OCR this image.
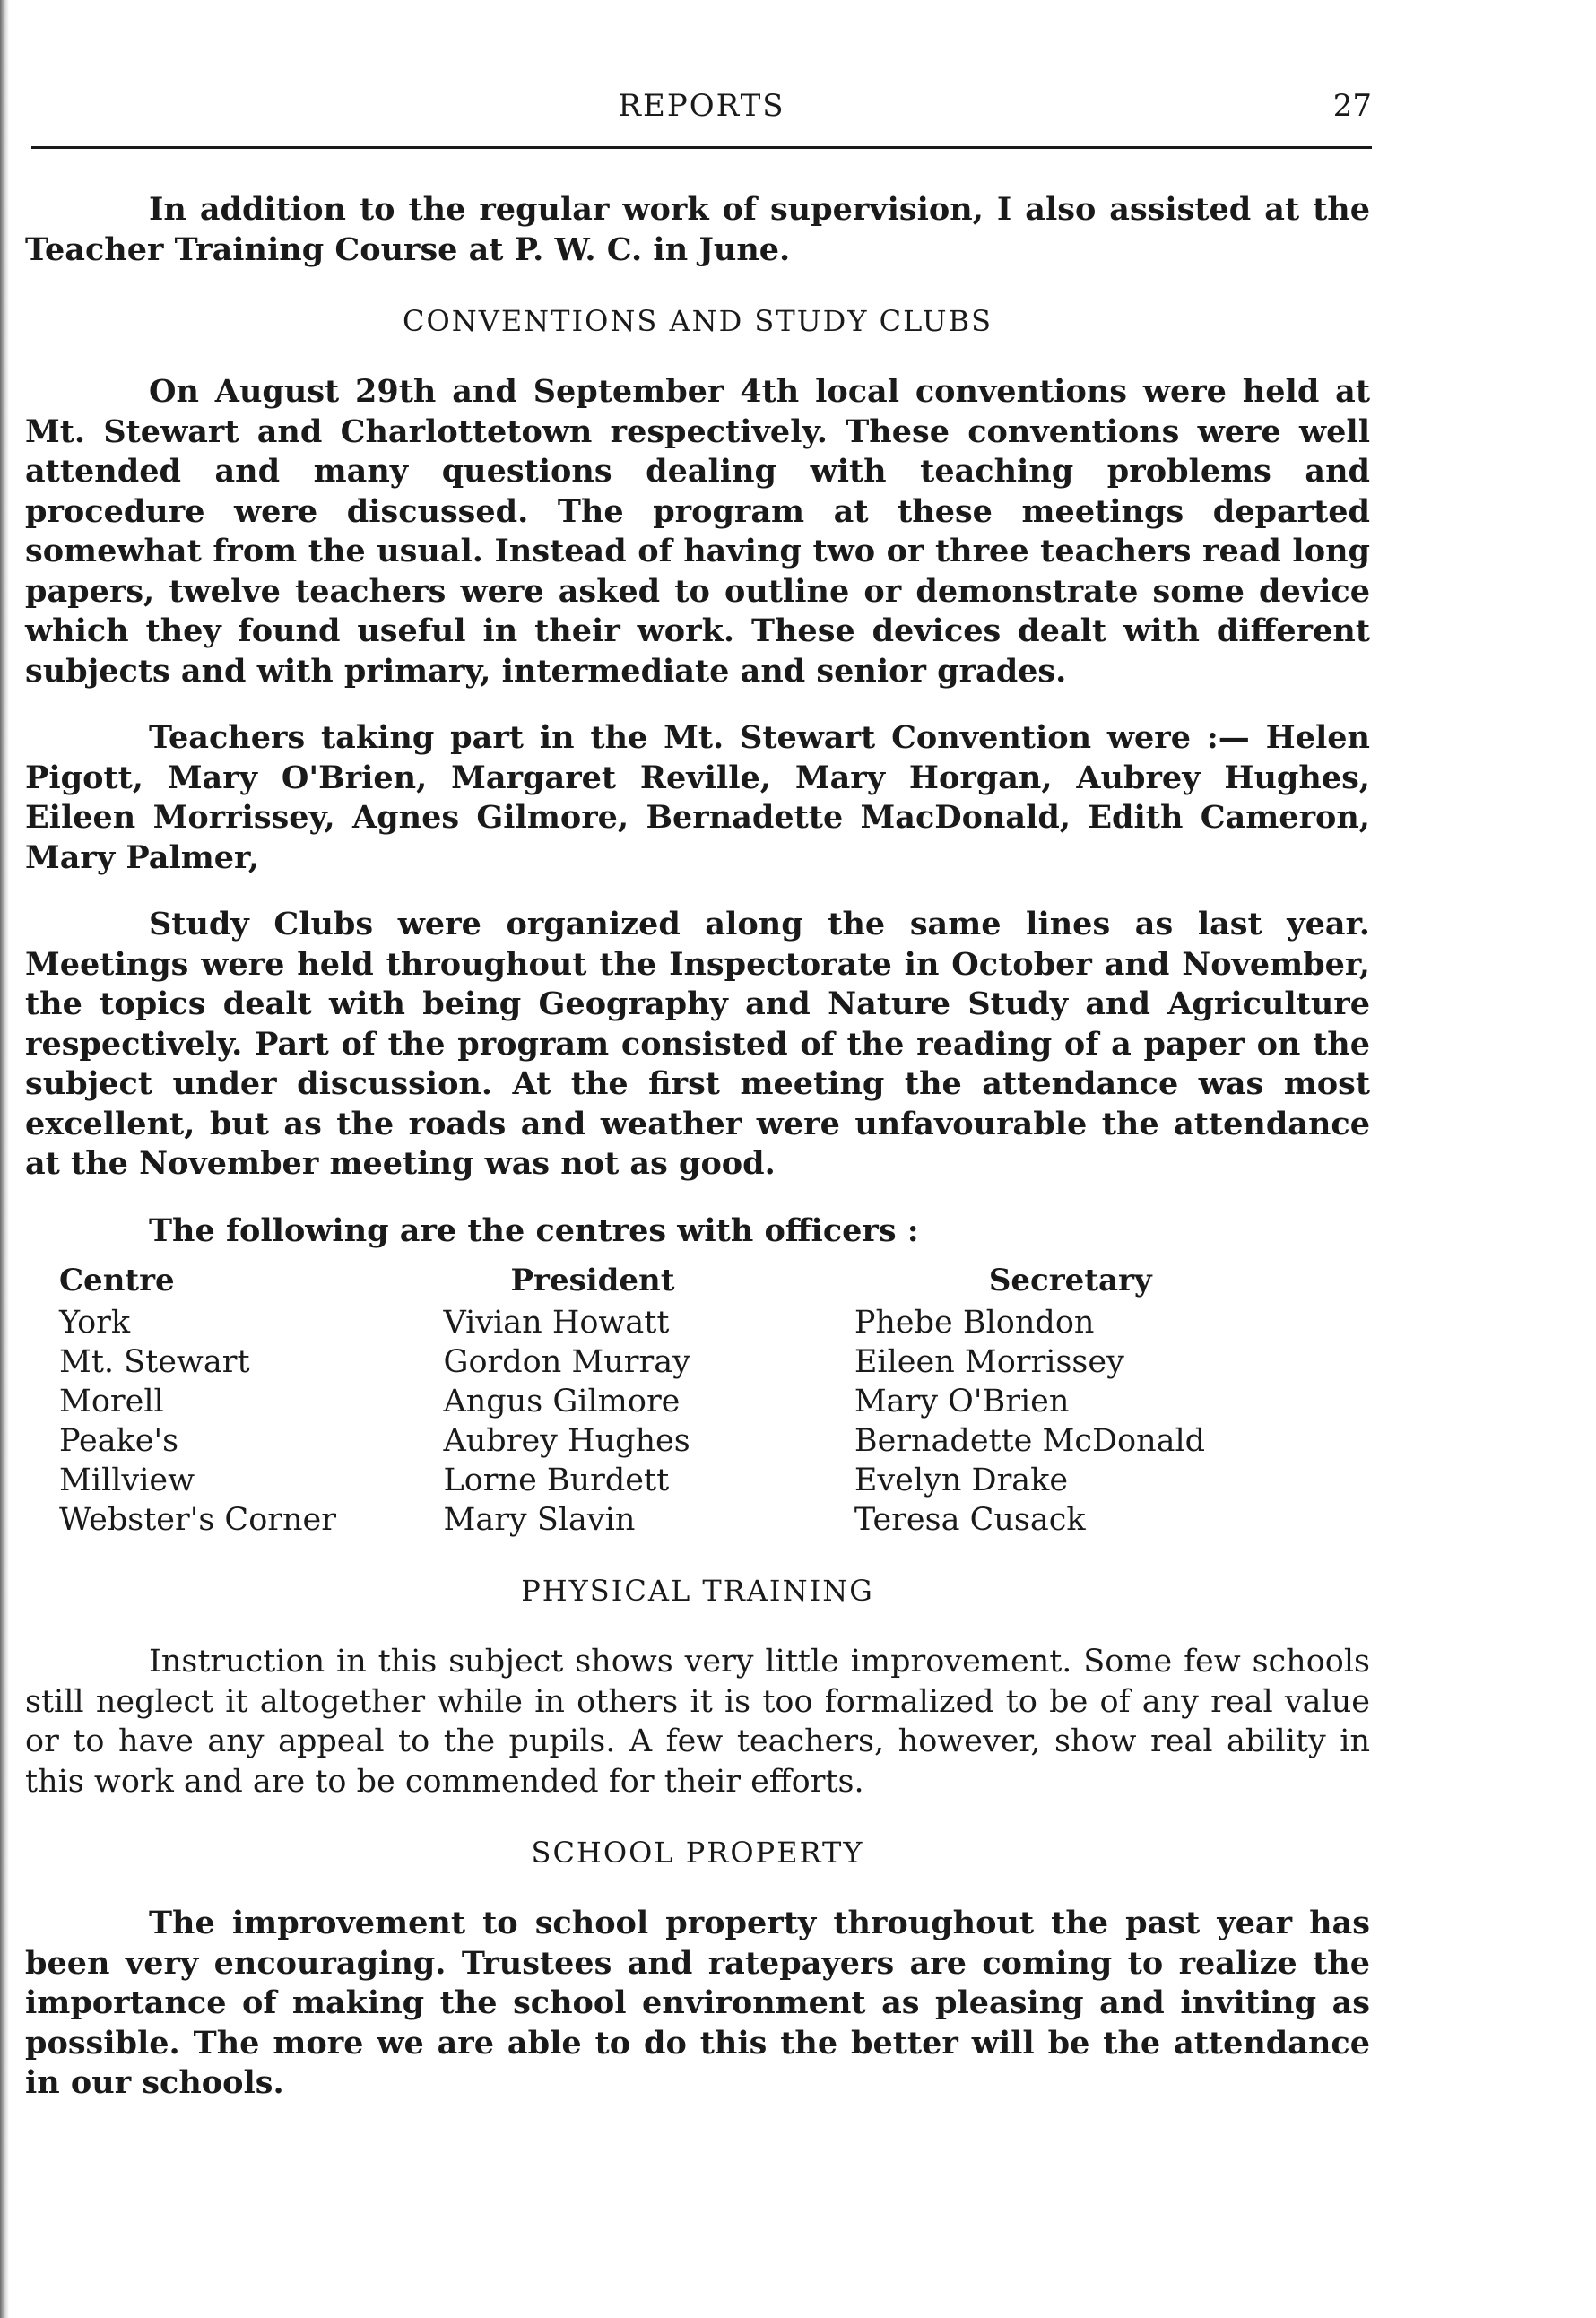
REPORTS	27

In addition to the regular work of supervision, I also assisted at the Teacher Training Course at P. W. C. in June.

CONVENTIONS AND STUDY CLUBS

On August 29th and September 4th local conventions were held at Mt. Stewart and Charlottetown respectively. These conventions were well attended and many questions dealing with teaching problems and procedure were discussed. The program at these meetings departed somewhat from the usual. Instead of having two or three teachers read long papers, twelve teachers were asked to outline or demonstrate some device which they found useful in their work. These devices dealt with different subjects and with primary, intermediate and senior grades.

Teachers taking part in the Mt. Stewart Convention were :— Helen Pigott, Mary O'Brien, Margaret Reville, Mary Horgan, Aubrey Hughes, Eileen Morrissey, Agnes Gilmore, Bernadette MacDonald, Edith Cameron, Mary Palmer,

Study Clubs were organized along the same lines as last year. Meetings were held throughout the Inspectorate in October and November, the topics dealt with being Geography and Nature Study and Agriculture respectively. Part of the program consisted of the reading of a paper on the subject under discussion. At the first meeting the attendance was most excellent, but as the roads and weather were unfavourable the attendance at the November meeting was not as good.

The following are the centres with officers :

Centre	President	Secretary
York	Vivian Howatt	Phebe Blondon
Mt. Stewart	Gordon Murray	Eileen Morrissey
Morell	Angus Gilmore	Mary O'Brien
Peake's	Aubrey Hughes	Bernadette McDonald
Millview	Lorne Burdett	Evelyn Drake
Webster's Corner	Mary Slavin	Teresa Cusack
PHYSICAL TRAINING

Instruction in this subject shows very little improvement. Some few schools still neglect it altogether while in others it is too formalized to be of any real value or to have any appeal to the pupils. A few teachers, however, show real ability in this work and are to be commended for their efforts.

SCHOOL PROPERTY

The improvement to school property throughout the past year has been very encouraging. Trustees and ratepayers are coming to realize the importance of making the school environment as pleasing and inviting as possible. The more we are able to do this the better will be the attendance in our schools.
